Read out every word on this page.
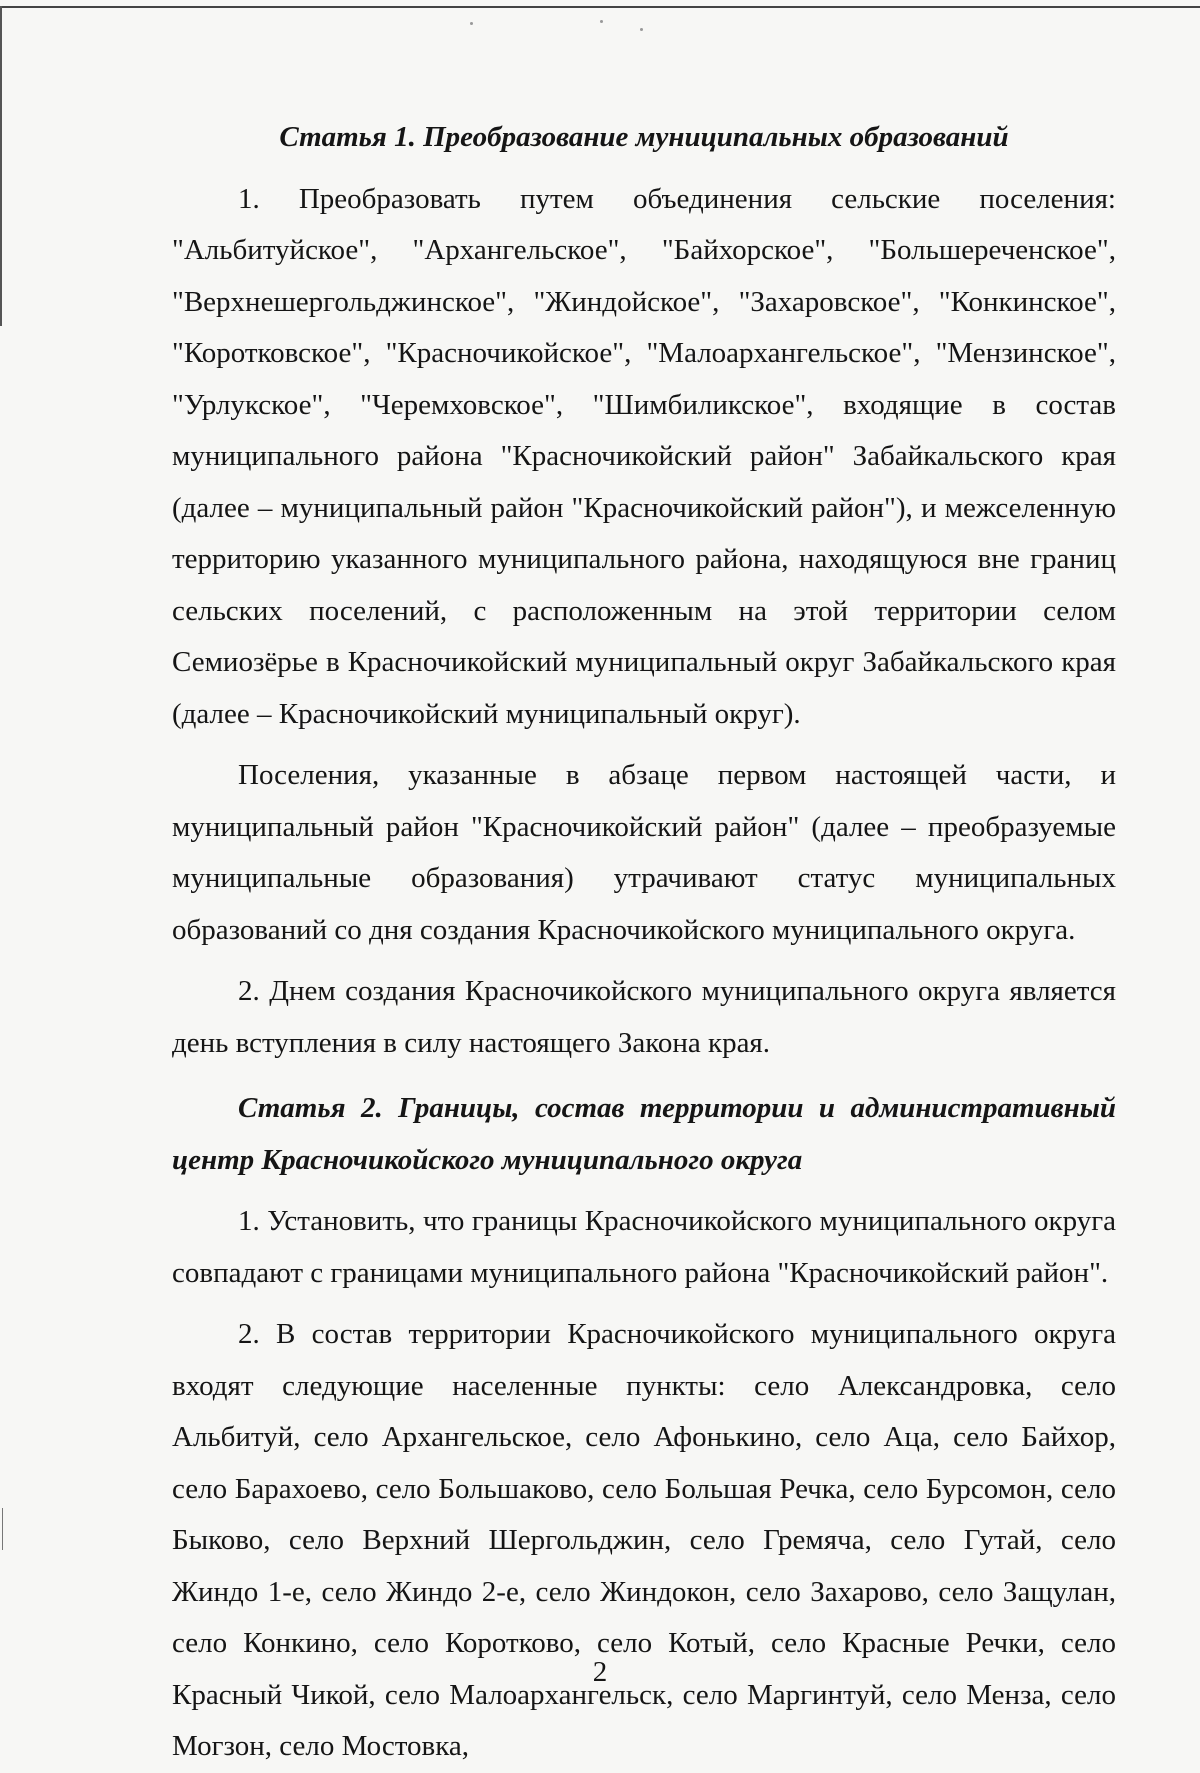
Статья 1. Преобразование муниципальных образований

1. Преобразовать путем объединения сельские поселения: "Альбитуйское", "Архангельское", "Байхорское", "Большереченское", "Верхнешергольджинское", "Жиндойское", "Захаровское", "Конкинское", "Коротковское", "Красночикойское", "Малоархангельское", "Мензинское", "Урлукское", "Черемховское", "Шимбиликское", входящие в состав муниципального района "Красночикойский район" Забайкальского края (далее – муниципальный район "Красночикойский район"), и межселенную территорию указанного муниципального района, находящуюся вне границ сельских поселений, с расположенным на этой территории селом Семиозёрье в Красночикойский муниципальный округ Забайкальского края (далее – Красночикойский муниципальный округ).

Поселения, указанные в абзаце первом настоящей части, и муниципальный район "Красночикойский район" (далее – преобразуемые муниципальные образования) утрачивают статус муниципальных образований со дня создания Красночикойского муниципального округа.

2. Днем создания Красночикойского муниципального округа является день вступления в силу настоящего Закона края.

Статья 2. Границы, состав территории и административный центр Красночикойского муниципального округа

1. Установить, что границы Красночикойского муниципального округа совпадают с границами муниципального района "Красночикойский район".

2. В состав территории Красночикойского муниципального округа входят следующие населенные пункты: село Александровка, село Альбитуй, село Архангельское, село Афонькино, село Аца, село Байхор, село Барахоево, село Большаково, село Большая Речка, село Бурсомон, село Быково, село Верхний Шергольджин, село Гремяча, село Гутай, село Жиндо 1-е, село Жиндо 2-е, село Жиндокон, село Захарово, село Защулан, село Конкино, село Коротково, село Котый, село Красные Речки, село Красный Чикой, село Малоархангельск, село Маргинтуй, село Менза, село Могзон, село Мостовка,

2
